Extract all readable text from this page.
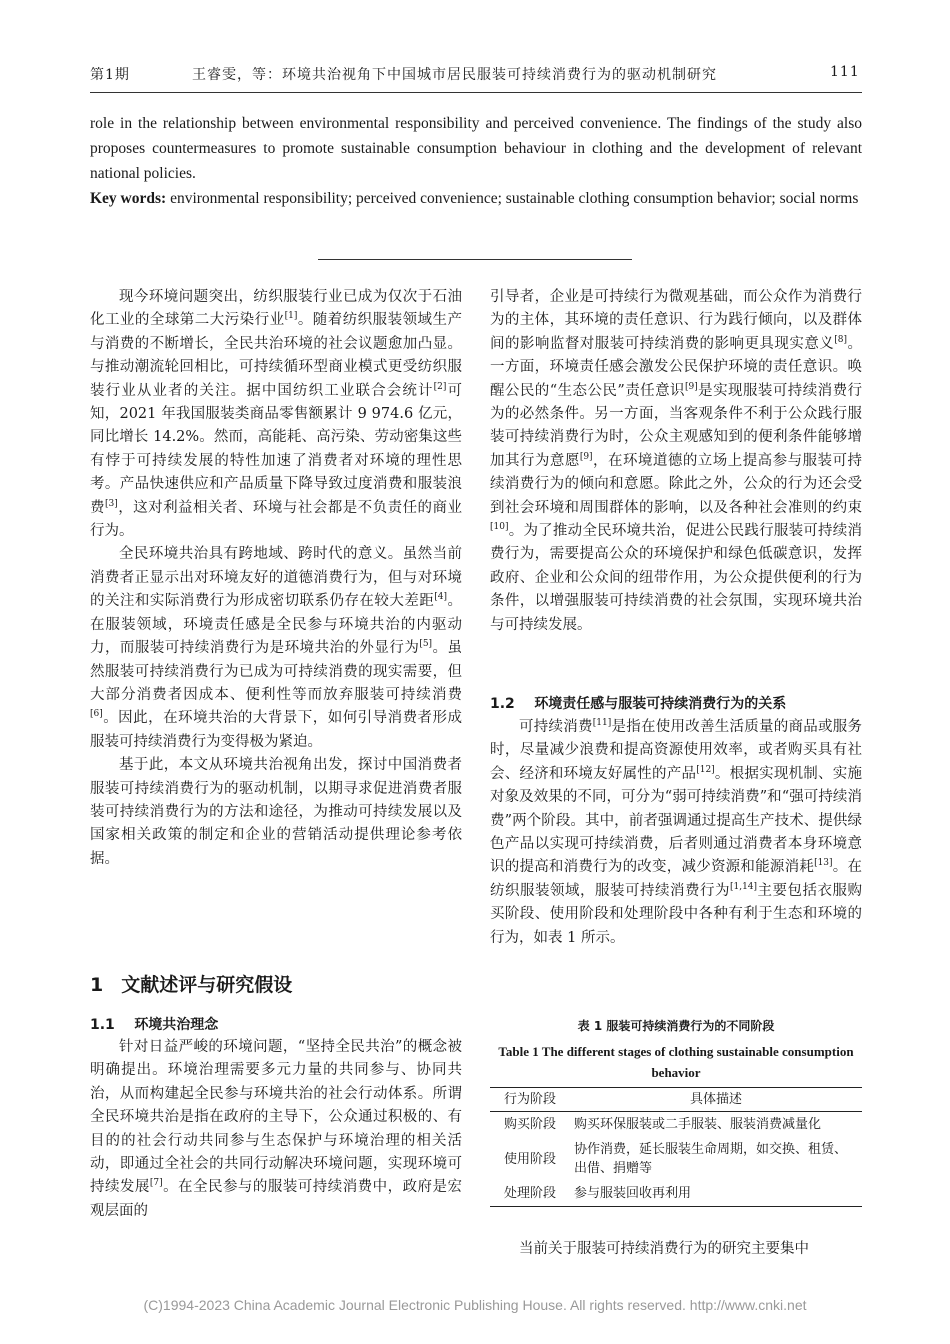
第1期	王睿雯，等：环境共治视角下中国城市居民服装可持续消费行为的驱动机制研究	111

role in the relationship between environmental responsibility and perceived convenience. The findings of the study also proposes countermeasures to promote sustainable consumption behaviour in clothing and the development of relevant national policies.

Key words: environmental responsibility; perceived convenience; sustainable clothing consumption behavior; social norms

现今环境问题突出，纺织服装行业已成为仅次于石油化工业的全球第二大污染行业[1]。随着纺织服装领域生产与消费的不断增长，全民共治环境的社会议题愈加凸显。与推动潮流轮回相比，可持续循环型商业模式更受纺织服装行业从业者的关注。据中国纺织工业联合会统计[2]可知，2021 年我国服装类商品零售额累计 9 974.6 亿元，同比增长 14.2%。然而，高能耗、高污染、劳动密集这些有悖于可持续发展的特性加速了消费者对环境的理性思考。产品快速供应和产品质量下降导致过度消费和服装浪费[3]，这对利益相关者、环境与社会都是不负责任的商业行为。

全民环境共治具有跨地域、跨时代的意义。虽然当前消费者正显示出对环境友好的道德消费行为，但与对环境的关注和实际消费行为形成密切联系仍存在较大差距[4]。在服装领域，环境责任感是全民参与环境共治的内驱动力，而服装可持续消费行为是环境共治的外显行为[5]。虽然服装可持续消费行为已成为可持续消费的现实需要，但大部分消费者因成本、便利性等而放弃服装可持续消费[6]。因此，在环境共治的大背景下，如何引导消费者形成服装可持续消费行为变得极为紧迫。

基于此，本文从环境共治视角出发，探讨中国消费者服装可持续消费行为的驱动机制，以期寻求促进消费者服装可持续消费行为的方法和途径，为推动可持续发展以及国家相关政策的制定和企业的营销活动提供理论参考依据。

1 文献述评与研究假设
1.1 环境共治理念

针对日益严峻的环境问题，“坚持全民共治”的概念被明确提出。环境治理需要多元力量的共同参与、协同共治，从而构建起全民参与环境共治的社会行动体系。所谓全民环境共治是指在政府的主导下，公众通过积极的、有目的的社会行动共同参与生态保护与环境治理的相关活动，即通过全社会的共同行动解决环境问题，实现环境可持续发展[7]。在全民参与的服装可持续消费中，政府是宏观层面的

引导者，企业是可持续行为微观基础，而公众作为消费行为的主体，其环境的责任意识、行为践行倾向，以及群体间的影响监督对服装可持续消费的影响更具现实意义[8]。一方面，环境责任感会激发公民保护环境的责任意识。唤醒公民的“生态公民”责任意识[9]是实现服装可持续消费行为的必然条件。另一方面，当客观条件不利于公众践行服装可持续消费行为时，公众主观感知到的便利条件能够增加其行为意愿[9]，在环境道德的立场上提高参与服装可持续消费行为的倾向和意愿。除此之外，公众的行为还会受到社会环境和周围群体的影响，以及各种社会准则的约束[10]。为了推动全民环境共治，促进公民践行服装可持续消费行为，需要提高公众的环境保护和绿色低碳意识，发挥政府、企业和公众间的纽带作用，为公众提供便利的行为条件，以增强服装可持续消费的社会氛围，实现环境共治与可持续发展。

1.2 环境责任感与服装可持续消费行为的关系

可持续消费[11]是指在使用改善生活质量的商品或服务时，尽量减少浪费和提高资源使用效率，或者购买具有社会、经济和环境友好属性的产品[12]。根据实现机制、实施对象及效果的不同，可分为“弱可持续消费”和“强可持续消费”两个阶段。其中，前者强调通过提高生产技术、提供绿色产品以实现可持续消费，后者则通过消费者本身环境意识的提高和消费行为的改变，减少资源和能源消耗[13]。在纺织服装领域，服装可持续消费行为[1,14]主要包括衣服购买阶段、使用阶段和处理阶段中各种有利于生态和环境的行为，如表 1 所示。

表 1 服装可持续消费行为的不同阶段
Table 1 The different stages of clothing sustainable consumption behavior
行为阶段	具体描述
购买阶段	购买环保服装或二手服装、服装消费减量化
使用阶段	协作消费，延长服装生命周期，如交换、租赁、出借、捐赠等
处理阶段	参与服装回收再利用

当前关于服装可持续消费行为的研究主要集中

(C)1994-2023 China Academic Journal Electronic Publishing House. All rights reserved. http://www.cnki.net
